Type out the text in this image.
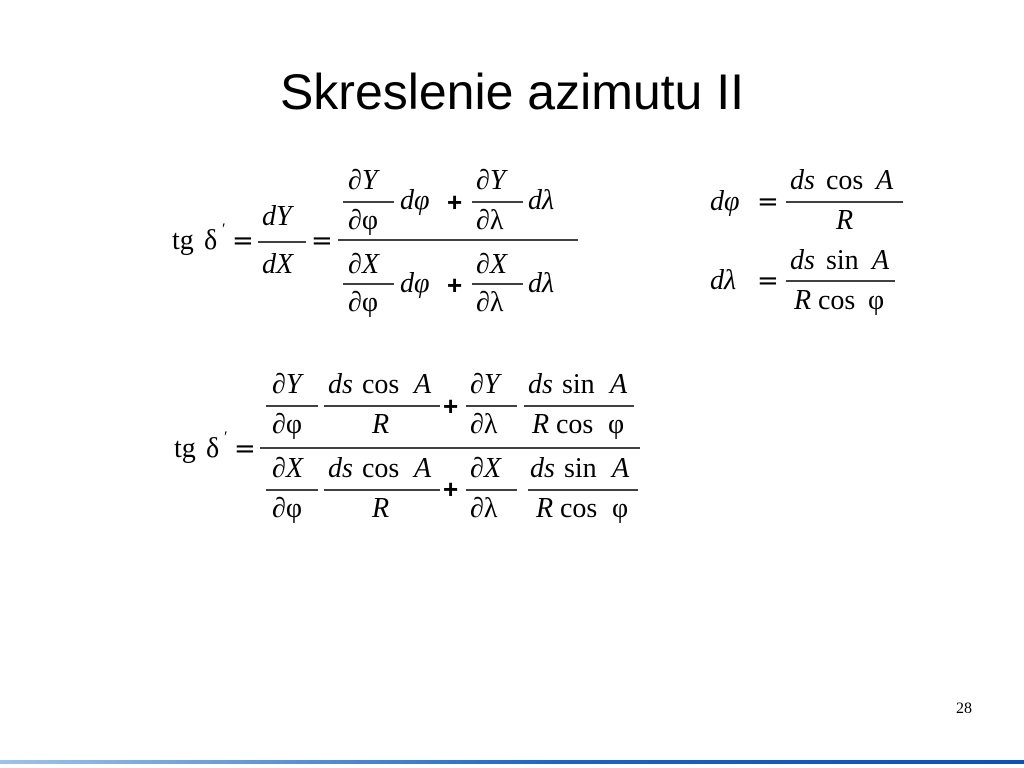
Skreslenie azimutu II
tg δ ′ =
dY
dX
=
∂Y
∂φ
dφ +
∂Y
∂λ
dλ
∂X
∂φ
dφ +
∂X
∂λ
dλ
dφ =
ds cos A
R
dλ =
ds sin A
R cos φ
tg δ ′ =
∂Y
∂φ
ds cos A
R
+
∂Y
∂λ
ds sin A
R cos φ
∂X
∂φ
ds cos A
R
+
∂X
∂λ
ds sin A
R cos φ
28
